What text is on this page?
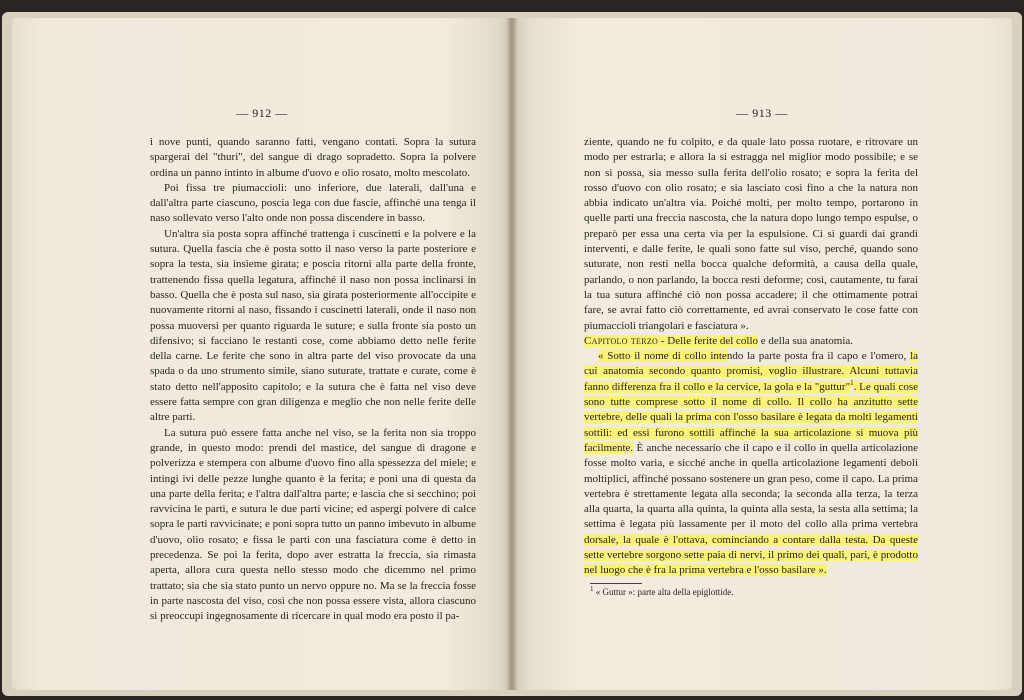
— 912 —

i nove punti, quando saranno fatti, vengano contati. Sopra la sutura spargerai del "thuri", del sangue di drago sopradetto. Sopra la polvere ordina un panno intinto in albume d'uovo e olio rosato, molto mescolato.

Poi fissa tre piumaccioli: uno inferiore, due laterali, dall'una e dall'altra parte ciascuno, poscia lega con due fascie, affinché una tenga il naso sollevato verso l'alto onde non possa discendere in basso.

Un'altra sia posta sopra affinché trattenga i cuscinetti e la polvere e la sutura. Quella fascia che è posta sotto il naso verso la parte posteriore e sopra la testa, sia insieme girata; e poscia ritorni alla parte della fronte, trattenendo fissa quella legatura, affinché il naso non possa inclinarsi in basso. Quella che è posta sul naso, sia girata posteriormente all'occipite e nuovamente ritorni al naso, fissando i cuscinetti laterali, onde il naso non possa muoversi per quanto riguarda le suture; e sulla fronte sia posto un difensivo; si facciano le restanti cose, come abbiamo detto nelle ferite della carne. Le ferite che sono in altra parte del viso provocate da una spada o da uno strumento simile, siano suturate, trattate e curate, come è stato detto nell'apposito capitolo; e la sutura che è fatta nel viso deve essere fatta sempre con gran diligenza e meglio che non nelle ferite delle altre parti.

La sutura può essere fatta anche nel viso, se la ferita non sia troppo grande, in questo modo: prendi del mastice, del sangue di dragone e polverizza e stempera con albume d'uovo fino alla spessezza del miele; e intingi ivi delle pezze lunghe quanto è la ferita; e poni una di questa da una parte della ferita; e l'altra dall'altra parte; e lascia che si secchino; poi ravvicina le parti, e sutura le due parti vicine; ed aspergi polvere di calce sopra le parti ravvicinate; e poni sopra tutto un panno imbevuto in albume d'uovo, olio rosato; e fissa le parti con una fasciatura come è detto in precedenza. Se poi la ferita, dopo aver estratta la freccia, sia rimasta aperta, allora cura questa nello stesso modo che dicemmo nel primo trattato; sia che sia stato punto un nervo oppure no. Ma se la freccia fosse in parte nascosta del viso, così che non possa essere vista, allora ciascuno si preoccupi ingegnosamente di ricercare in qual modo era posto il pa-

— 913 —

ziente, quando ne fu colpito, e da quale lato possa ruotare, e ritrovare un modo per estrarla; e allora la si estragga nel miglior modo possibile; e se non si possa, sia messo sulla ferita dell'olio rosato; e sopra la ferita del rosso d'uovo con olio rosato; e sia lasciato così fino a che la natura non abbia indicato un'altra via. Poiché molti, per molto tempo, portarono in quelle parti una freccia nascosta, che la natura dopo lungo tempo espulse, o preparò per essa una certa via per la espulsione. Ci si guardi dai grandi interventi, e dalle ferite, le quali sono fatte sul viso, perché, quando sono suturate, non resti nella bocca qualche deformità, a causa della quale, parlando, o non parlando, la bocca resti deforme; così, cautamente, tu farai la tua sutura affinché ciò non possa accadere; il che ottimamente potrai fare, se avrai fatto ciò correttamente, ed avrai conservato le cose fatte con piumaccioli triangolari e fasciatura ».

Capitolo terzo - Delle ferite del collo e della sua anatomia.

« Sotto il nome di collo intendo la parte posta fra il capo e l'omero, la cui anatomia secondo quanto promisi, voglio illustrare. Alcuni tuttavia fanno differenza fra il collo e la cervice, la gola e la "guttur"$^1$. Le quali cose sono tutte comprese sotto il nome di collo. Il collo ha anzitutto sette vertebre, delle quali la prima con l'osso basilare è legata da molti legamenti sottili: ed essi furono sottili affinché la sua articolazione si muova più facilmente. È anche necessario che il capo e il collo in quella articolazione fosse molto varia, e sicché anche in quella articolazione legamenti deboli moltiplici, affinché possano sostenere un gran peso, come il capo. La prima vertebra è strettamente legata alla seconda; la seconda alla terza, la terza alla quarta, la quarta alla quinta, la quinta alla sesta, la sesta alla settima; la settima è legata più lassamente per il moto del collo alla prima vertebra dorsale, la quale è l'ottava, cominciando a contare dalla testa. Da queste sette vertebre sorgono sette paia di nervi, il primo dei quali, pari, è prodotto nel luogo che è fra la prima vertebra e l'osso basilare ».

$^1$ « Guttur »: parte alta della epiglottide.
